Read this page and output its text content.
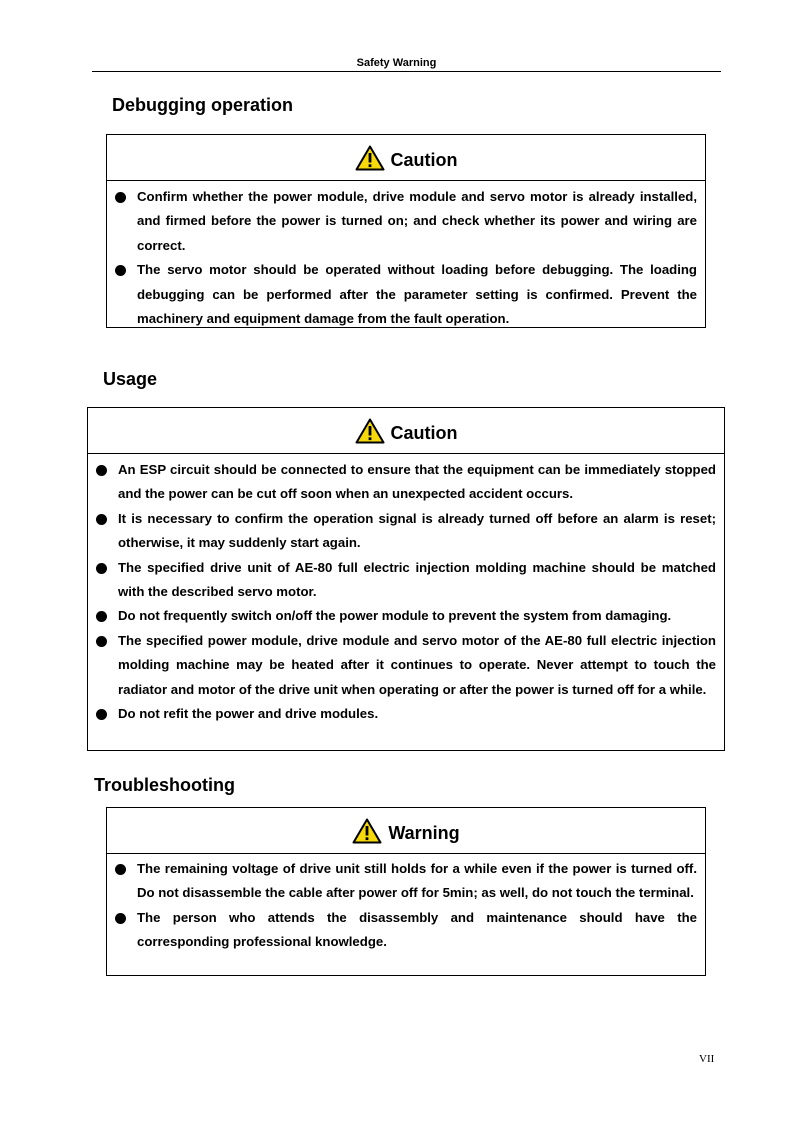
Safety Warning
Debugging operation
Caution
Confirm whether the power module, drive module and servo motor is already installed, and firmed before the power is turned on; and check whether its power and wiring are correct.
The servo motor should be operated without loading before debugging. The loading debugging can be performed after the parameter setting is confirmed. Prevent the machinery and equipment damage from the fault operation.
Usage
Caution
An ESP circuit should be connected to ensure that the equipment can be immediately stopped and the power can be cut off soon when an unexpected accident occurs.
It is necessary to confirm the operation signal is already turned off before an alarm is reset; otherwise, it may suddenly start again.
The specified drive unit of AE-80 full electric injection molding machine should be matched with the described servo motor.
Do not frequently switch on/off the power module to prevent the system from damaging.
The specified power module, drive module and servo motor of the AE-80 full electric injection molding machine may be heated after it continues to operate. Never attempt to touch the radiator and motor of the drive unit when operating or after the power is turned off for a while.
Do not refit the power and drive modules.
Troubleshooting
Warning
The remaining voltage of drive unit still holds for a while even if the power is turned off. Do not disassemble the cable after power off for 5min; as well, do not touch the terminal.
The person who attends the disassembly and maintenance should have the corresponding professional knowledge.
VII
